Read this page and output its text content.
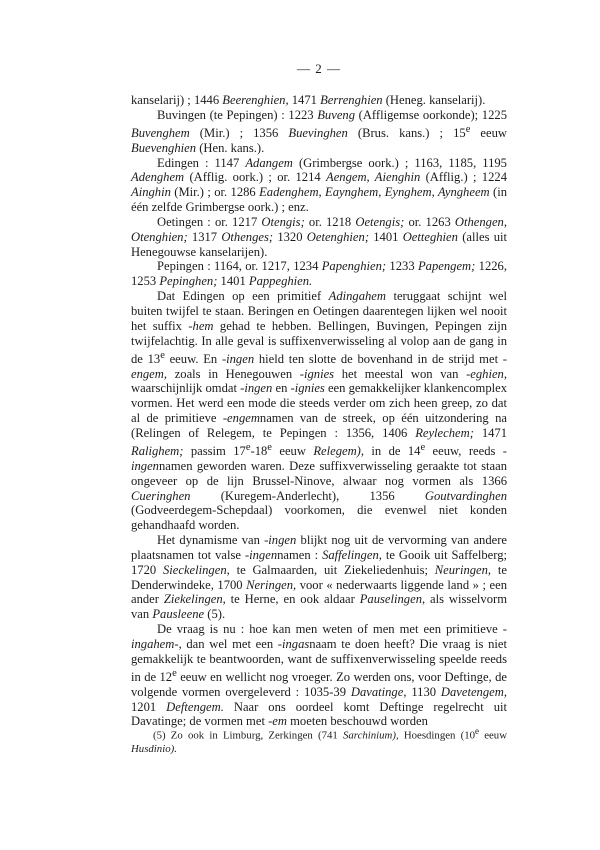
— 2 —

kanselarij) ; 1446 Beerenghien, 1471 Berrenghien (Heneg. kanselarij).

Buvingen (te Pepingen) : 1223 Buveng (Affligemse oorkonde); 1225 Buvenghem (Mir.) ; 1356 Buevinghen (Brus. kans.) ; 15e eeuw Buevenghien (Hen. kans.).

Edingen : 1147 Adangem (Grimbergse oork.) ; 1163, 1185, 1195 Adenghem (Afflig. oork.) ; or. 1214 Aengem, Aienghin (Afflig.) ; 1224 Ainghin (Mir.) ; or. 1286 Eadenghem, Eaynghem, Eynghem, Ayngheem (in één zelfde Grimbergse oork.) ; enz.

Oetingen : or. 1217 Otengis; or. 1218 Oetengis; or. 1263 Othengen, Otenghien; 1317 Othenges; 1320 Oetenghien; 1401 Oetteghien (alles uit Henegouwse kanselarijen).

Pepingen : 1164, or. 1217, 1234 Papenghien; 1233 Papengem; 1226, 1253 Pepinghen; 1401 Pappeghien.

Dat Edingen op een primitief Adingahem teruggaat schijnt wel buiten twijfel te staan. Beringen en Oetingen daarentegen lijken wel nooit het suffix -hem gehad te hebben. Bellingen, Buvingen, Pepingen zijn twijfelachtig. In alle geval is suffixenverwisseling al volop aan de gang in de 13e eeuw. En -ingen hield ten slotte de bovenhand in de strijd met -engem, zoals in Henegouwen -ignies het meestal won van -eghien, waarschijnlijk omdat -ingen en -ignies een gemakkelijker klankencomplex vormen. Het werd een mode die steeds verder om zich heen greep, zo dat al de primitieve -engemnamen van de streek, op één uitzondering na (Relingen of Relegem, te Pepingen : 1356, 1406 Reylechem; 1471 Ralighem; passim 17e-18e eeuw Relegem), in de 14e eeuw, reeds -ingennamen geworden waren. Deze suffixverwisseling geraakte tot staan ongeveer op de lijn Brussel-Ninove, alwaar nog vormen als 1366 Cueringhen (Kuregem-Anderlecht), 1356 Goutvardinghen (Godveerdegem-Schepdaal) voorkomen, die evenwel niet konden gehandhaafd worden.

Het dynamisme van -ingen blijkt nog uit de vervorming van andere plaatsnamen tot valse -ingennamen : Saffelingen, te Gooik uit Saffelberg; 1720 Sieckelingen, te Galmaarden, uit Ziekeliedenhuis; Neuringen, te Denderwindeke, 1700 Neringen, voor « nederwaarts liggende land » ; een ander Ziekelingen, te Herne, en ook aldaar Pauselingen, als wisselvorm van Pausleene (5).

De vraag is nu : hoe kan men weten of men met een primitieve -ingahem-, dan wel met een -ingasnaam te doen heeft? Die vraag is niet gemakkelijk te beantwoorden, want de suffixenverwisseling speelde reeds in de 12e eeuw en wellicht nog vroeger. Zo werden ons, voor Deftinge, de volgende vormen overgeleverd : 1035-39 Davatinge, 1130 Davetengem, 1201 Deftengem. Naar ons oordeel komt Deftinge regelrecht uit Davatinge; de vormen met -em moeten beschouwd worden

(5) Zo ook in Limburg, Zerkingen (741 Sarchinium), Hoesdingen (10e eeuw Husdinio).
